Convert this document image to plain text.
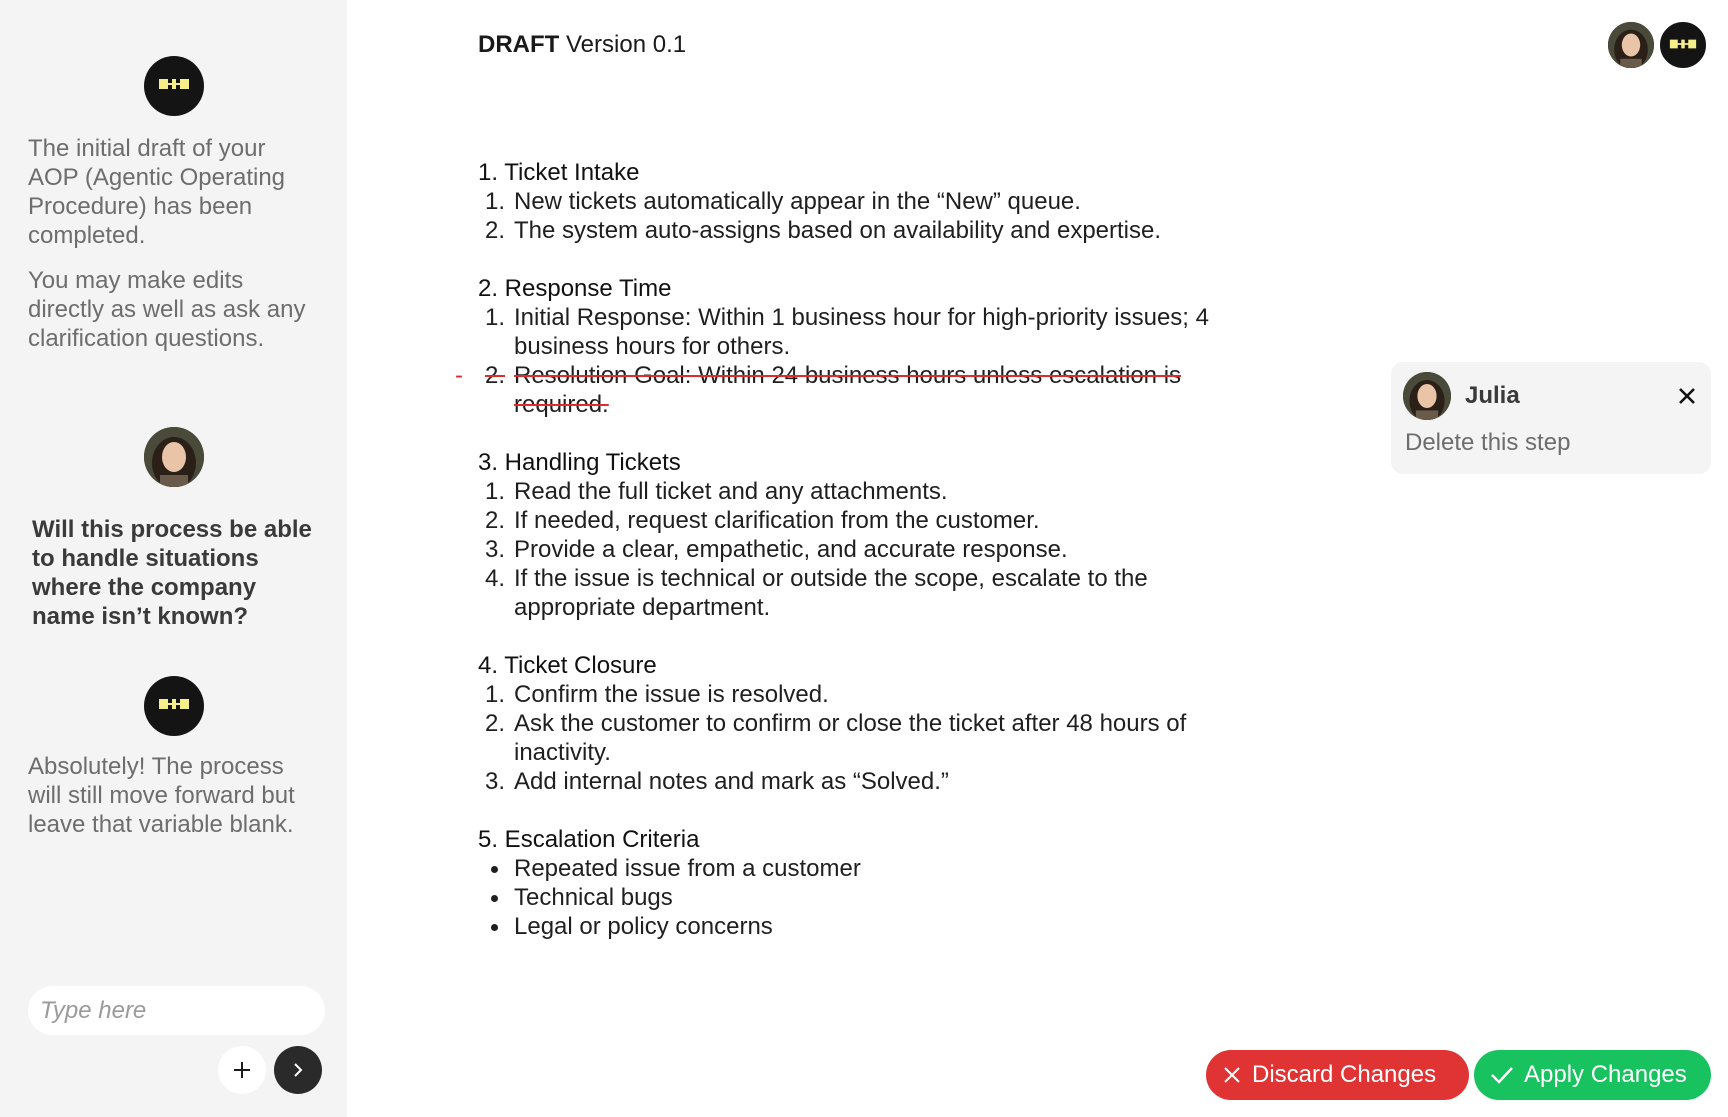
The initial draft of your AOP (Agentic Operating Procedure) has been completed.

You may make edits directly as well as ask any clarification questions.

Will this process be able to handle situations where the company name isn’t known?

Absolutely! The process will still move forward but leave that variable blank.

Type here
DRAFT Version 0.1
1. Ticket Intake
1. New tickets automatically appear in the “New” queue.
2. The system auto-assigns based on availability and expertise.
2. Response Time
1. Initial Response: Within 1 business hour for high-priority issues; 4 business hours for others.
2.
- Resolution Goal: Within 24 business hours unless escalation is required.
3. Handling Tickets
1. Read the full ticket and any attachments.
2. If needed, request clarification from the customer.
3. Provide a clear, empathetic, and accurate response.
4. If the issue is technical or outside the scope, escalate to the appropriate department.
4. Ticket Closure
1. Confirm the issue is resolved.
2. Ask the customer to confirm or close the ticket after 48 hours of inactivity.
3. Add internal notes and mark as “Solved.”
5. Escalation Criteria
Repeated issue from a customer
Technical bugs
Legal or policy concerns
Julia
Delete this step
Discard Changes	Apply Changes
